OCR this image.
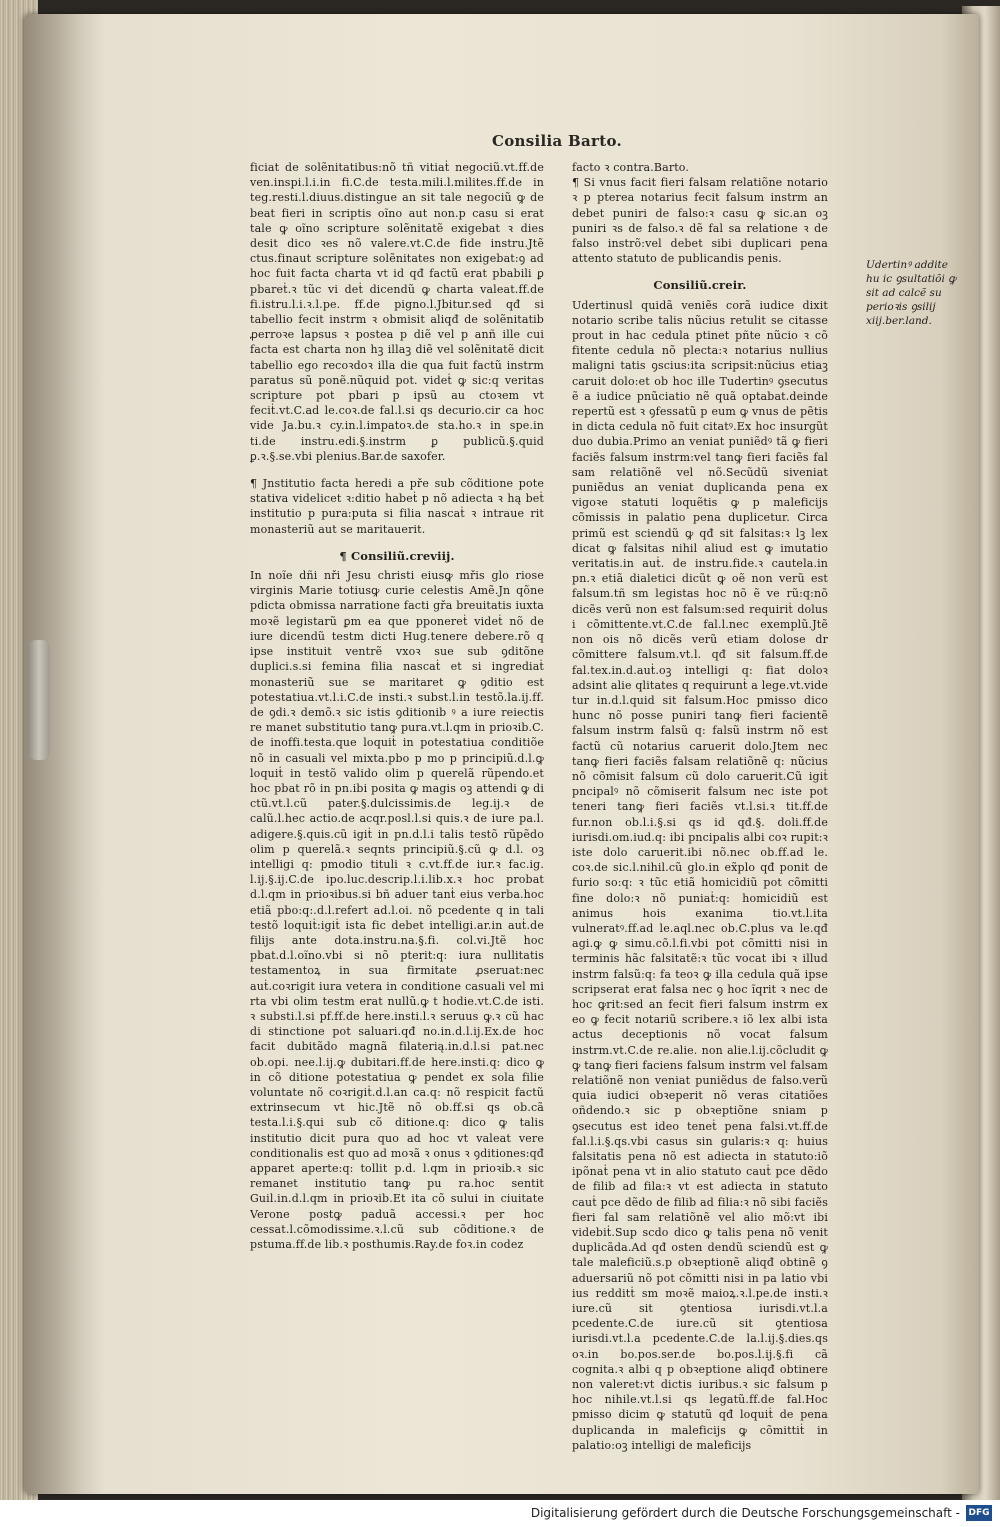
Consilia Barto.

ficiat de solẽnitatibus:nõ tñ vitiaṫ negociũ.vt.ff.de ven.inspi.l.i.in fi.C.de testa.mili.l.milites.ff.de in teg.resti.l.diuus.distingue an sit tale negociũ ꝙ de beat fieri in scriptis oĩno aut non.p casu si erat tale ꝙ oĩno scripture solẽnitatẽ exigebat ꝛ dies desit dico ꝛes nõ valere.vt.C.de fide instru.Jtẽ ctus.finaut scripture solẽnitates non exigebat:ꝯ ad hoc fuit facta charta vt id qđ factũ erat pbabili ꝑ pbareṫ.ꝛ tũc vi deṫ dicendũ ꝙ charta valeat.ff.de fi.istru.l.i.ꝛ.l.pe. ff.de pigno.l.Jbitur.sed qđ si tabellio fecit instrm ꝛ obmisit aliqđ de solẽnitatib ꝓerroꝛe lapsus ꝛ postea p diẽ vel p anñ ille cui facta est charta non hꝫ illaꝫ diẽ vel solẽnitatẽ dicit tabellio ego recoꝛdoꝛ illa die qua fuit factũ instrm paratus sũ ponẽ.nũquid pot. videṫ ꝙ sic:q veritas scripture pot pbari p ipsũ au ctoꝛem vt feciṫ.vt.C.ad le.coꝛ.de fal.l.si qs decurio.cir ca hoc vide Ja.bu.ꝛ cy.in.l.impatoꝛ.de sta.ho.ꝛ in spe.in ti.de instru.edi.§.instrm ꝑ publicũ.§.quid ꝑ.ꝛ.§.se.vbi plenius.Bar.de saxofer.

¶ Jnstitutio facta heredi a pře sub cõditione pote stativa videlicet ꝛ:ditio habeṫ p nõ adiecta ꝛ hą beṫ institutio p pura:puta si filia nascaṫ ꝛ intraue rit monasteriũ aut se maritauerit.

¶ Consiliũ.creviij.

In noĩe dñi nři Jesu christi eiusꝙ mřis glo riose virginis Marie totiusꝙ curie celestis Amẽ.Jn qõne pdicta obmissa narratione facti gřa breuitatis iuxta moꝛẽ legistarũ ꝑm ea que pponereṫ videṫ nõ de iure dicendũ testm dicti Hug.tenere debere.rõ q ipse instituit ventrẽ vxoꝛ sue sub ꝯditõne duplici.s.si femina filia nascaṫ et si ingrediaṫ monasteriũ sue se maritaret ꝙ ꝯditio est potestatiua.vt.l.i.C.de insti.ꝛ subst.l.in testõ.la.ij.ff. de ꝯdi.ꝛ demõ.ꝛ sic istis ꝯditionib ꝰ a iure reiectis re manet substitutio tanꝙ pura.vt.l.qm in prioꝛib.C. de inoffi.testa.que loquiṫ in potestatiua conditiõe nõ in casuali vel mixta.pbo p mo p principiũ.d.l.ꝙ loquiṫ in testõ valido olim p querelã rũpendo.et hoc pbat rõ in pn.ibi posita ꝙ magis oꝫ attendi ꝙ di ctũ.vt.l.cũ pater.§.dulcissimis.de leg.ij.ꝛ de calũ.l.hec actio.de acqr.posl.l.si quis.ꝛ de iure pa.l. adigere.§.quis.cũ igiṫ in pn.d.l.i talis testõ rũpẽdo olim p querelã.ꝛ seqnts principiũ.§.cũ ꝙ d.l. oꝫ intelligi q: pmodio tituli ꝛ c.vt.ff.de iur.ꝛ fac.ig. l.ij.§.ij.C.de ipo.luc.descrip.l.i.lib.x.ꝛ hoc probat d.l.qm in prioꝛibus.si bñ aduer tanṫ eius verba.hoc etiã pbo:q:.d.l.refert ad.l.oi. nõ pcedente q in tali testõ loquiṫ:igiṫ ista fic debet intelligi.ar.in auṫ.de filijs ante dota.instru.na.§.fi. col.vi.Jtẽ hoc pbat.d.l.oĩno.vbi si nõ pterit:q: iura nullitatis testamentoꝝ in sua firmitate ꝓseruat:nec auṫ.coꝛrigit iura vetera in conditione casuali vel mi rta vbi olim testm erat nullũ.ꝙ t hodie.vt.C.de isti. ꝛ substi.l.si pf.ff.de here.insti.l.ꝛ seruus ꝙ.ꝛ cũ hac di stinctione pot saluari.qđ no.in.d.l.ij.Ex.de hoc facit dubitãdo magnã filaterią.in.d.l.si pat.nec ob.opi. nee.l.ij.ꝙ dubitari.ff.de here.insti.q: dico ꝙ in cõ ditione potestatiua ꝙ pendet ex sola filie voluntate nõ coꝛrigiṫ.d.l.an ca.q: nõ respicit factũ extrinsecum vt hic.Jtẽ nõ ob.ff.si qs ob.cã testa.l.i.§.qui sub cõ ditione.q: dico ꝙ talis institutio dicit pura quo ad hoc vt valeat vere conditionalis est quo ad moꝛã ꝛ onus ꝛ ꝯditiones:qđ apparet aperte:q: tollit p.d. l.qm in prioꝛib.ꝛ sic remanet institutio tanꝙ pu ra.hoc sentit Guil.in.d.l.qm in prioꝛib.Et ita cõ sului in ciuitate Verone postꝙ paduã accessi.ꝛ per hoc cessat.l.cõmodissime.ꝛ.l.cũ sub cõditione.ꝛ de pstuma.ff.de lib.ꝛ posthumis.Ray.de foꝛ.in codez

facto ꝛ contra.Barto.

¶ Si vnus facit fieri falsam relatiõne notario ꝛ p pterea notarius fecit falsum instrm an debet puniri de falso:ꝛ casu ꝙ sic.an oꝫ puniri ꝛs de falso.ꝛ dẽ fal sa relatione ꝛ de falso instrõ:vel debet sibi duplicari pena attento statuto de publicandis penis.

Consiliũ.creir.

Udertinusl quidã veniẽs corã iudice dixit notario scribe talis nũcius retulit se citasse prout in hac cedula ptinet pñte nũcio ꝛ cõ fitente cedula nõ plecta:ꝛ notarius nullius maligni tatis ꝯscius:ita scripsit:nũcius etiaꝫ caruit dolo:et ob hoc ille Tudertinꝰ ꝯsecutus ẽ a iudice pnũciatio nẽ quã optabat.deinde repertũ est ꝛ ꝯfessatũ p eum ꝙ vnus de pẽtis in dicta cedula nõ fuit citatꝰ.Ex hoc insurgũt duo dubia.Primo an veniat puniẽdꝰ tã ꝙ fieri faciẽs falsum instrm:vel tanꝙ fieri faciẽs fal sam relatiõnẽ vel nõ.Secũdũ siveniat puniẽdus an veniat duplicanda pena ex vigoꝛe statuti loquẽtis ꝙ p maleficijs cõmissis in palatio pena duplicetur. Circa primũ est sciendũ ꝙ qđ sit falsitas:ꝛ lꝫ lex dicat ꝙ falsitas nihil aliud est ꝙ imutatio veritatis.in auṫ. de instru.fide.ꝛ cautela.in pn.ꝛ etiã dialetici dicũt ꝙ oẽ non verũ est falsum.tñ sm legistas hoc nõ ẽ ve rũ:q:nõ dicẽs verũ non est falsum:sed requiriṫ dolus i cõmittente.vt.C.de fal.l.nec exemplũ.Jtẽ non ois nõ dicẽs verũ etiam dolose dr cõmittere falsum.vt.l. qđ sit falsum.ff.de fal.tex.in.d.auṫ.oꝫ intelligi q: fiat doloꝛ adsint alie qlitates q requirunṫ a lege.vt.vide tur in.d.l.quid sit falsum.Hoc pmisso dico hunc nõ posse puniri tanꝙ fieri facientẽ falsum instrm falsũ q: falsũ instrm nõ est factũ cũ notarius caruerit dolo.Jtem nec tanꝙ fieri faciẽs falsam relatiõnẽ q: nũcius nõ cõmisit falsum cũ dolo caruerit.Cũ igiṫ pncipalꝰ nõ cõmiserit falsum nec iste pot teneri tanꝙ fieri faciẽs vt.l.si.ꝛ tit.ff.de fur.non ob.l.i.§.si qs id qđ.§. doli.ff.de iurisdi.om.iud.q: ibi pncipalis albi coꝛ rupit:ꝛ iste dolo caruerit.ibi nõ.nec ob.ff.ad le. coꝛ.de sic.l.nihil.cũ glo.in ex̃plo qđ ponit de furio so:q: ꝛ tũc etiã homicidiũ pot cõmitti fine dolo:ꝛ nõ puniaṫ:q: homicidiũ est animus hois exanima tio.vt.l.ita vulneratꝰ.ff.ad le.aql.nec ob.C.plus va le.qđ agi.ꝙ ꝙ simu.cõ.l.fi.vbi pot cõmitti nisi in terminis hãc falsitatẽ:ꝛ tũc vocat ibi ꝛ illud instrm falsũ:q: fa teoꝛ ꝙ illa cedula quã ipse scripserat erat falsa nec ꝯ hoc ĩqrit ꝛ nec de hoc ꝙrit:sed an fecit fieri falsum instrm ex eo ꝙ fecit notariũ scribere.ꝛ iõ lex albi ista actus deceptionis nõ vocat falsum instrm.vt.C.de re.alie. non alie.l.ij.cõcludit ꝙ ꝙ tanꝙ fieri faciens falsum instrm vel falsam relatiõnẽ non veniat puniẽdus de falso.verũ quia iudici obꝛeperit nõ veras citatiões oñdendo.ꝛ sic p obꝛeptiõne sniam p ꝯsecutus est ideo teneṫ pena falsi.vt.ff.de fal.l.i.§.qs.vbi casus sin gularis:ꝛ q: huius falsitatis pena nõ est adiecta in statuto:iõ ipõnaṫ pena vt in alio statuto cauṫ pce dẽdo de filib ad fila:ꝛ vt est adiecta in statuto cauṫ pce dẽdo de filib ad filia:ꝛ nõ sibi faciẽs fieri fal sam relatiõnẽ vel alio mõ:vt ibi videbiṫ.Sup scdo dico ꝙ talis pena nõ venit duplicãda.Ad qđ osten dendũ sciendũ est ꝙ tale maleficiũ.s.p obꝛeptionẽ aliqđ obtinẽ ꝯ aduersariũ nõ pot cõmitti nisi in pa latio vbi ius redditṫ sm moꝛẽ maioꝝ.ꝛ.l.pe.de insti.ꝛ iure.cũ sit ꝯtentiosa iurisdi.vt.l.a pcedente.C.de iure.cũ sit ꝯtentiosa iurisdi.vt.l.a pcedente.C.de la.l.ij.§.dies.qs oꝛ.in bo.pos.ser.de bo.pos.l.ij.§.fi cã cognita.ꝛ albi q p obꝛeptione aliqđ obtinere non valeret:vt dictis iuribus.ꝛ sic falsum p hoc nihile.vt.l.si qs legatũ.ff.de fal.Hoc pmisso dicim ꝙ statutũ qđ loquiṫ de pena duplicanda in maleficijs ꝙ cõmittiṫ in palatio:oꝫ intelligi de maleficijs

Udertinꝰ addite hu ic ꝯsultatiõi ꝙ sit ad calcẽ su perioꝛis ꝯsilij xiij.ber.land.
Digitalisierung gefördert durch die Deutsche Forschungsgemeinschaft - DFG
